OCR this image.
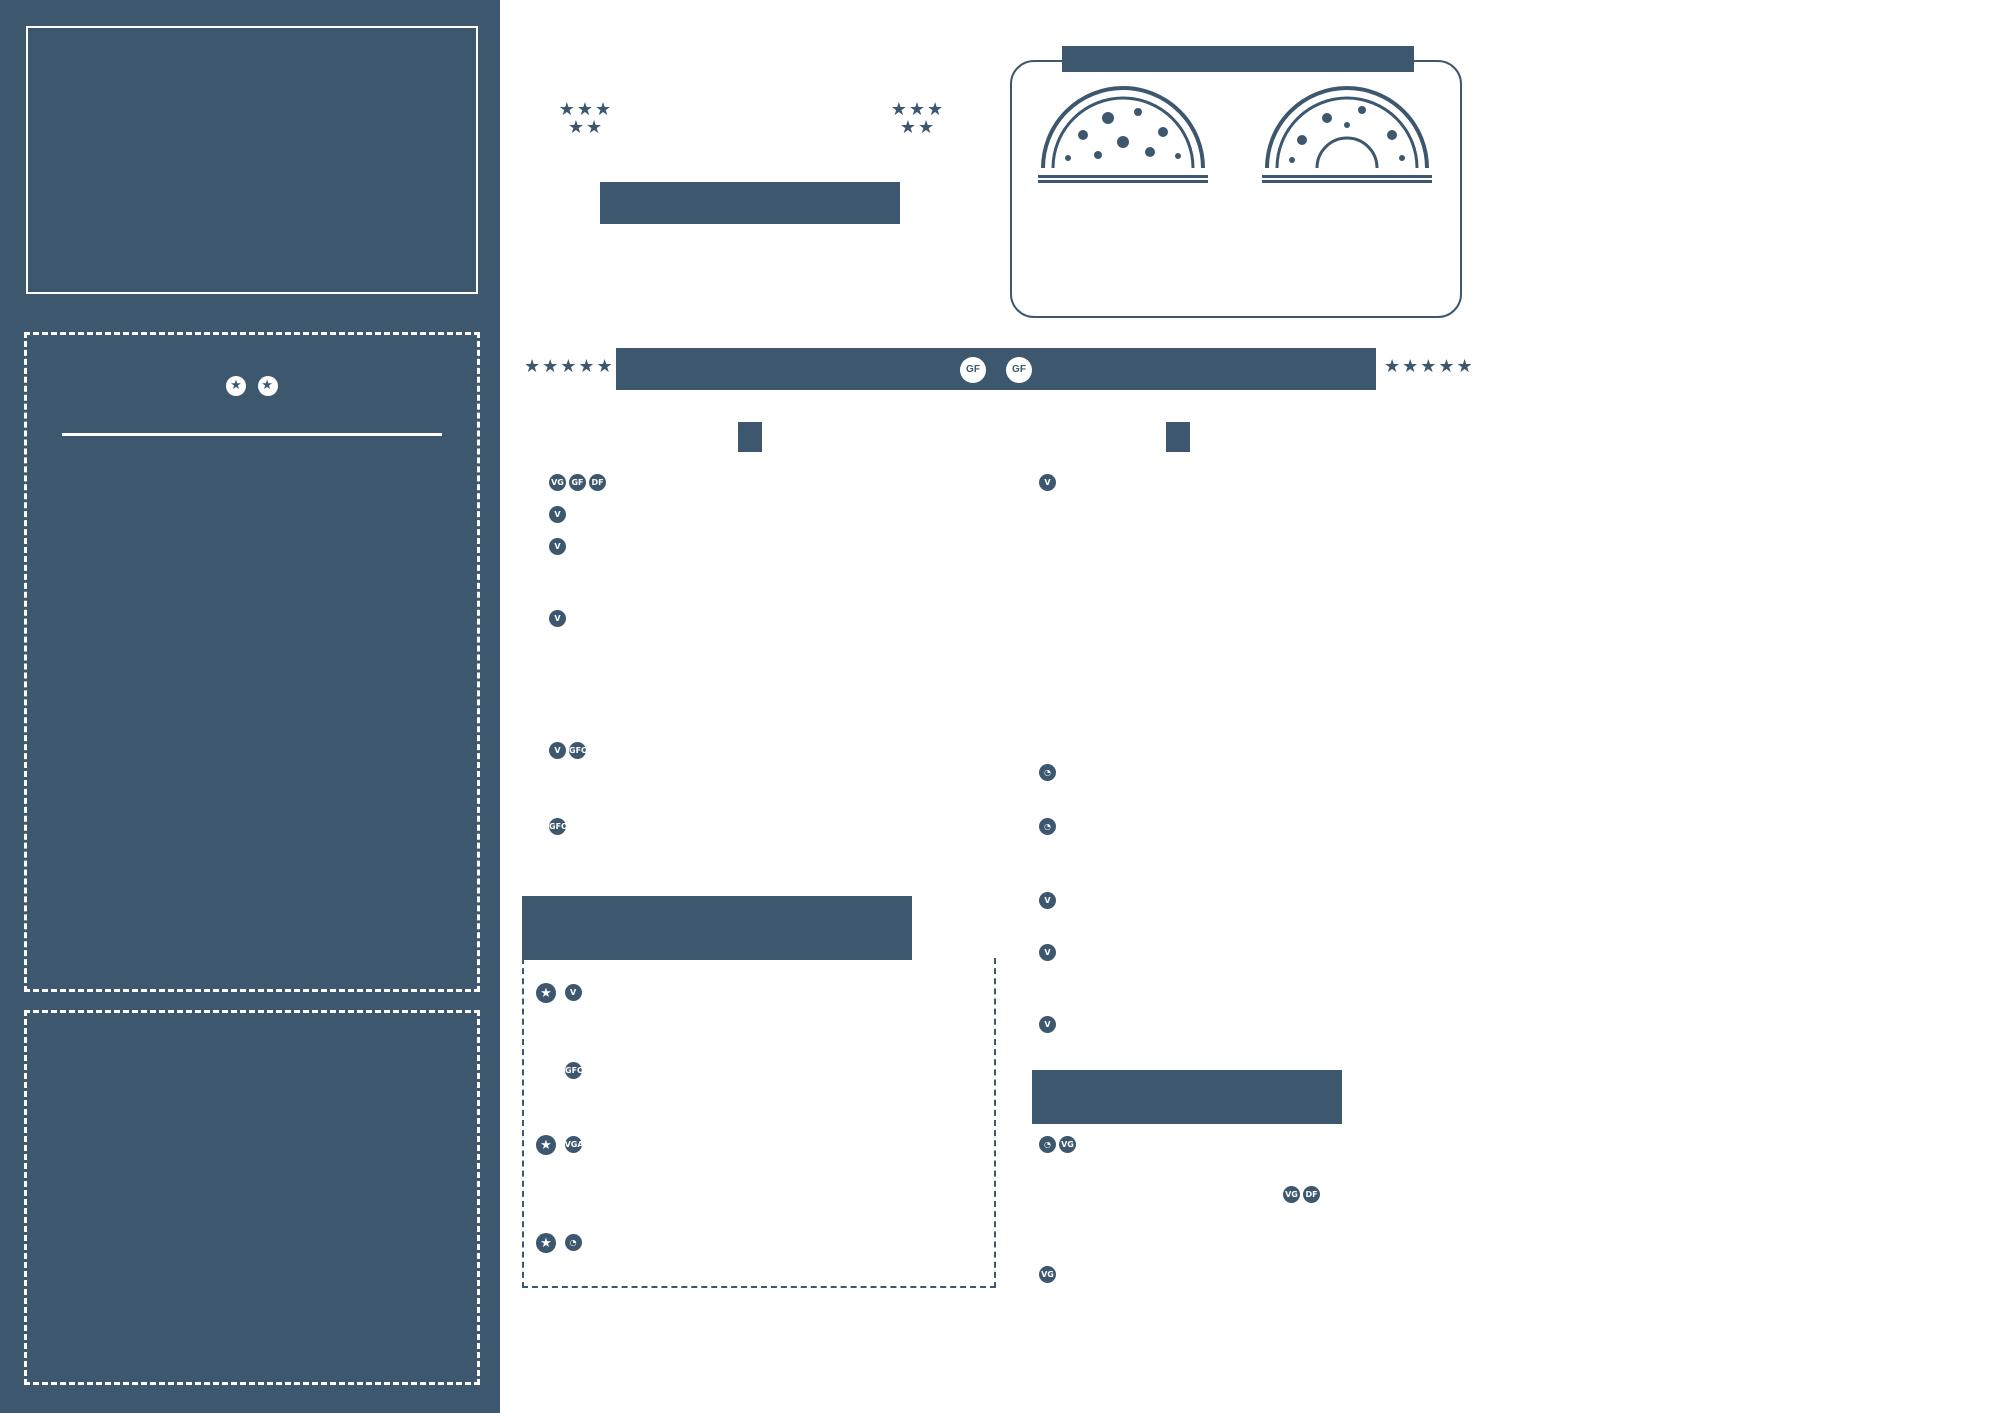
★ ★
★★★
★★
★★★
★★
★★★★★	GF	GF	★★★★★
VG GF DF
V
V
V
V GFO
GFO
★ V
GFO
★ VGA
★ ◔
V
◔
◔
V
V
V
◔ VG
VG DF
VG
